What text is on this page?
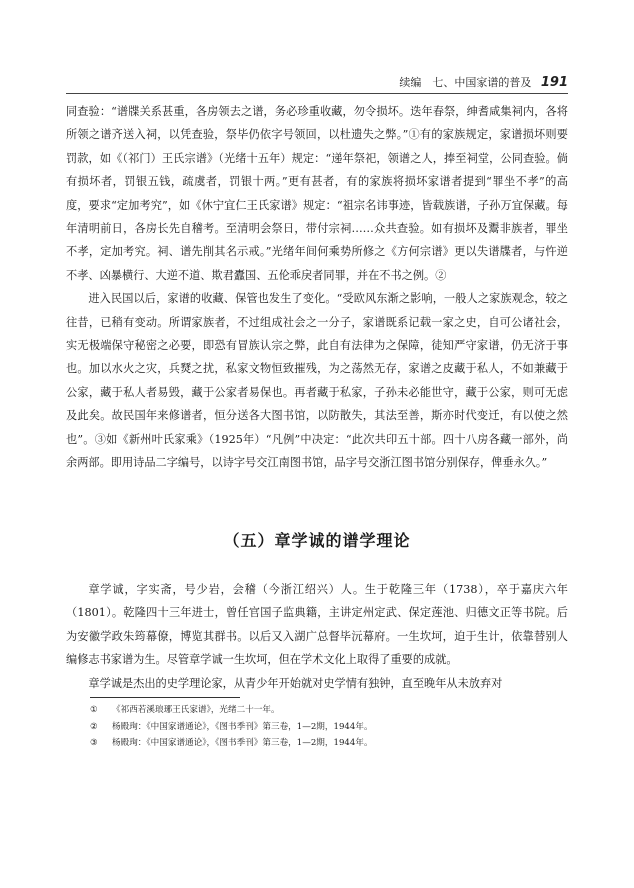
续编　七、中国家谱的普及 191

同查验：“谱牒关系甚重，各房领去之谱，务必珍重收藏，勿令损坏。迭年春祭，绅耆咸集祠内，各将所领之谱齐送入祠，以凭查验，祭毕仍依字号领回，以杜遗失之弊。”①有的家族规定，家谱损坏则要罚款，如《（祁门）王氏宗谱》（光绪十五年）规定：“递年祭祀，领谱之人，捧至祠堂，公同查验。倘有损坏者，罚银五钱，疏虞者，罚银十两。”更有甚者，有的家族将损坏家谱者提到“罪坐不孝”的高度，要求“定加考究”，如《休宁宜仁王氏家谱》规定：“祖宗名讳事迹，皆载族谱，子孙万宜保藏。每年清明前日，各房长先自稽考。至清明会祭日，带付宗祠……众共查验。如有损坏及鬻非族者，罪坐不孝，定加考究。祠、谱先削其名示戒。”光绪年间何乘势所修之《方何宗谱》更以失谱牒者，与忤逆不孝、凶暴横行、大逆不道、欺君蠹国、五伦乖戾者同罪，并在不书之例。②

进入民国以后，家谱的收藏、保管也发生了变化。“受欧风东渐之影响，一般人之家族观念，较之往昔，已稍有变动。所谓家族者，不过组成社会之一分子，家谱既系记载一家之史，自可公诸社会，实无极端保守秘密之必要，即恐有冒族认宗之弊，此自有法律为之保障，徒知严守家谱，仍无济于事也。加以水火之灾，兵燹之扰，私家文物恒致摧残，为之荡然无存，家谱之皮藏于私人，不如兼藏于公家，藏于私人者易毁，藏于公家者易保也。再者藏于私家，子孙未必能世守，藏于公家，则可无虑及此矣。故民国年来修谱者，恒分送各大图书馆，以防散失，其法至善，斯亦时代变迁，有以使之然也”。③如《新州叶氏家乘》（1925年）“凡例”中决定：“此次共印五十部。四十八房各藏一部外，尚余两部。即用诗品二字编号，以诗字号交江南图书馆，品字号交浙江图书馆分别保存，俾垂永久。”

（五）章学诚的谱学理论

章学诚，字实斋，号少岩，会稽（今浙江绍兴）人。生于乾隆三年（1738），卒于嘉庆六年（1801）。乾隆四十三年进士，曾任官国子监典籍，主讲定州定武、保定莲池、归德文正等书院。后为安徽学政朱筠幕僚，博览其群书。以后又入湖广总督毕沅幕府。一生坎坷，迫于生计，依靠替别人编修志书家谱为生。尽管章学诚一生坎坷，但在学术文化上取得了重要的成就。

章学诚是杰出的史学理论家，从青少年开始就对史学情有独钟，直至晚年从未放弃对

① 《祁西若溪琅琊王氏家谱》，光绪二十一年。
② 杨殿珣：《中国家谱通论》，《图书季刊》第三卷，1—2期，1944年。
③ 杨殿珣：《中国家谱通论》，《图书季刊》第三卷，1—2期，1944年。
